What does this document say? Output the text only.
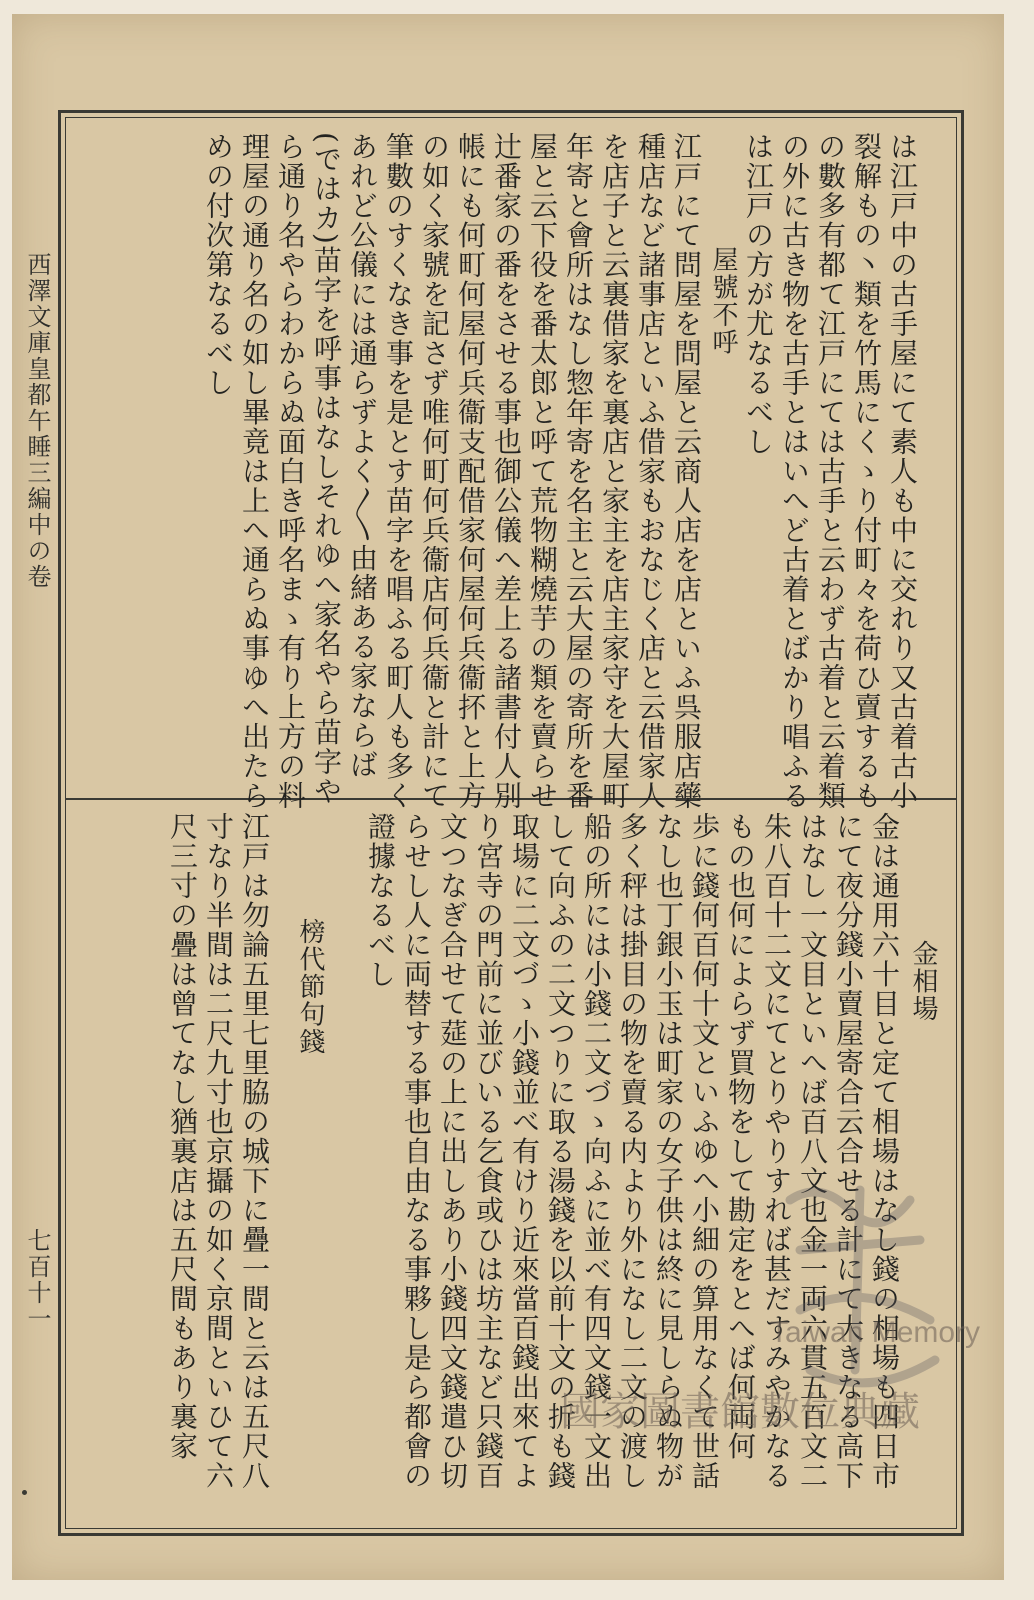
は江戸中の古手屋にて素人も中に交れり又古着古小
裂解もの丶類を竹馬にくゝり付町々を荷ひ賣するも
の數多有都て江戸にては古手と云わず古着と云着類
の外に古き物を古手とはいへど古着とばかり唱ふる
は江戸の方が尤なるべし
屋號不呼
江戸にて問屋を問屋と云商人店を店といふ呉服店藥
種店など諸事店といふ借家もおなじく店と云借家人
を店子と云裏借家を裏店と家主を店主家守を大屋町
年寄と會所はなし惣年寄を名主と云大屋の寄所を番
屋と云下役を番太郎と呼て荒物糊燒芋の類を賣らせ
辻番家の番をさせる事也御公儀へ差上る諸書付人別
帳にも何町何屋何兵衞支配借家何屋何兵衞抔と上方
の如く家號を記さず唯何町何兵衞店何兵衞と計にて
筆數のすくなき事を是とす苗字を唱ふる町人も多く
あれど公儀には通らずよく〳〵由緒ある家ならば
(ではカ)苗字を呼事はなしそれゆへ家名やら苗字や
ら通り名やらわからぬ面白き呼名まゝ有り上方の料
理屋の通り名の如し畢竟は上へ通らぬ事ゆへ出たら
めの付次第なるべし
金相場
金は通用六十目と定て相場はなし錢の相場も四日市
にて夜分錢小賣屋寄合云合せる計にて大きなる高下
はなし一文目といへば百八文也金一両六貫五百文二
朱八百十二文にてとりやりすれば甚だすみやかなる
もの也何によらず買物をして勘定をとへば何両何
歩に錢何百何十文といふゆへ小細の算用なくて世話
なし也丁銀小玉は町家の女子供は終に見しらぬ物が
多く秤は掛目の物を賣る内より外になし二文の渡し
船の所には小錢二文づゝ向ふに並べ有四文錢一文出
して向ふの二文つりに取る湯錢を以前十文の折も錢
取場に二文づゝ小錢並べ有けり近來當百錢出來てよ
り宮寺の門前に並びいる乞食或ひは坊主など只錢百
文つなぎ合せて莚の上に出しあり小錢四文錢遣ひ切
らせし人に両替する事也自由なる事夥し是ら都會の
證據なるべし
榜代節句錢
江戸は勿論五里七里脇の城下に疊一間と云は五尺八
寸なり半間は二尺九寸也京攝の如く京間といひて六
尺三寸の疊は曾てなし猶裏店は五尺間もあり裏家
西澤文庫皇都午睡三編中の卷
七百十一
Taiwan Memory
國家圖書館數位典藏
